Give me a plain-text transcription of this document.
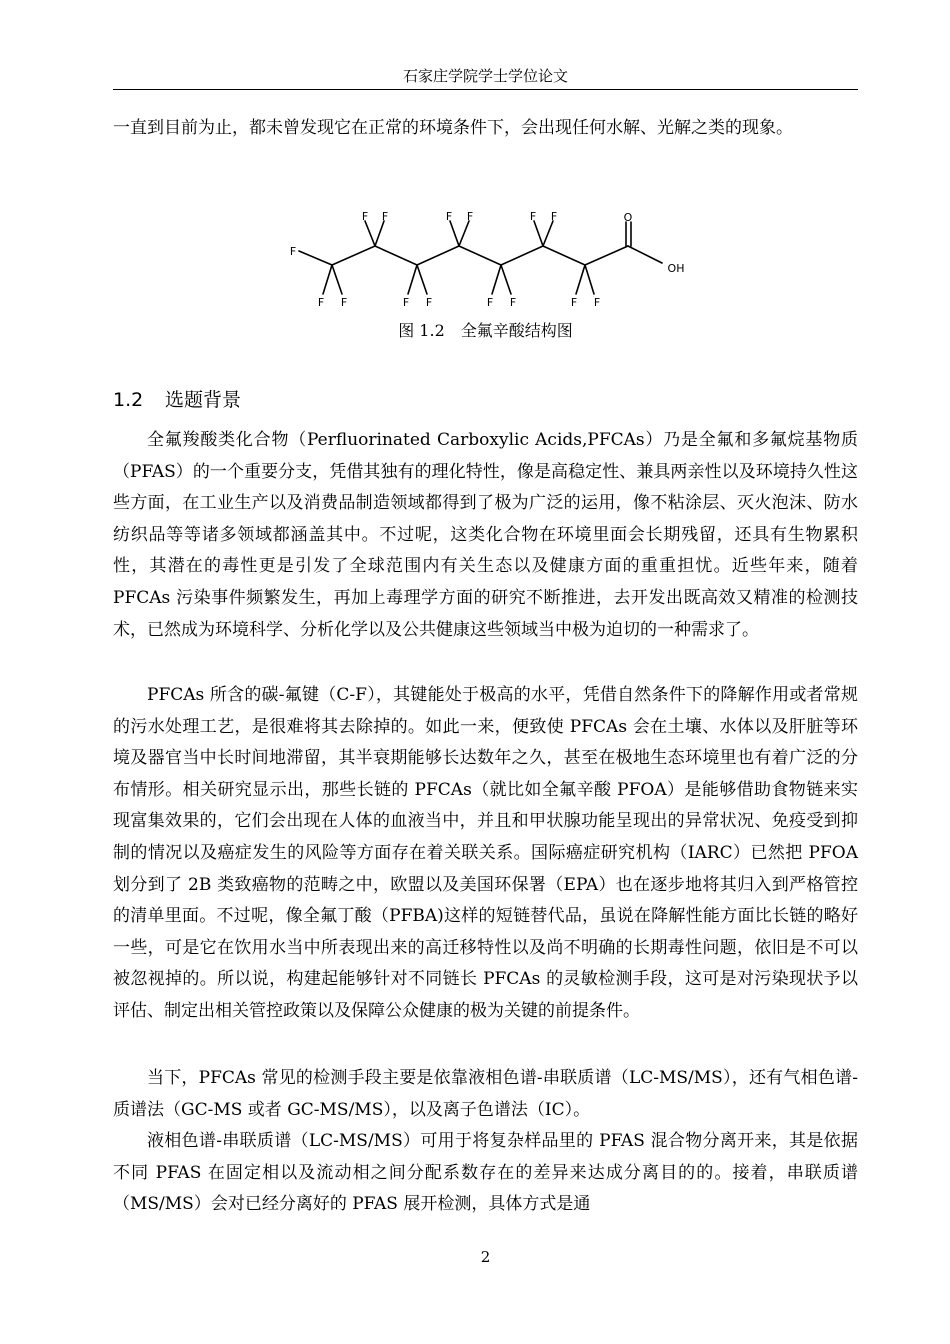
石家庄学院学士学位论文

一直到目前为止，都未曾发现它在正常的环境条件下，会出现任何水解、光解之类的现象。

F
F F	F F	F F	O
OH
F F	F F	F F	F F
图 1.2　全氟辛酸结构图
1.2 选题背景

全氟羧酸类化合物（Perfluorinated Carboxylic Acids,PFCAs）乃是全氟和多氟烷基物质（PFAS）的一个重要分支，凭借其独有的理化特性，像是高稳定性、兼具两亲性以及环境持久性这些方面，在工业生产以及消费品制造领域都得到了极为广泛的运用，像不粘涂层、灭火泡沫、防水纺织品等等诸多领域都涵盖其中。不过呢，这类化合物在环境里面会长期残留，还具有生物累积性，其潜在的毒性更是引发了全球范围内有关生态以及健康方面的重重担忧。近些年来，随着 PFCAs 污染事件频繁发生，再加上毒理学方面的研究不断推进，去开发出既高效又精准的检测技术，已然成为环境科学、分析化学以及公共健康这些领域当中极为迫切的一种需求了。

PFCAs 所含的碳-氟键（C-F），其键能处于极高的水平，凭借自然条件下的降解作用或者常规的污水处理工艺，是很难将其去除掉的。如此一来，便致使 PFCAs 会在土壤、水体以及肝脏等环境及器官当中长时间地滞留，其半衰期能够长达数年之久，甚至在极地生态环境里也有着广泛的分布情形。相关研究显示出，那些长链的 PFCAs（就比如全氟辛酸 PFOA）是能够借助食物链来实现富集效果的，它们会出现在人体的血液当中，并且和甲状腺功能呈现出的异常状况、免疫受到抑制的情况以及癌症发生的风险等方面存在着关联关系。国际癌症研究机构（IARC）已然把 PFOA 划分到了 2B 类致癌物的范畴之中，欧盟以及美国环保署（EPA）也在逐步地将其归入到严格管控的清单里面。不过呢，像全氟丁酸（PFBA)这样的短链替代品，虽说在降解性能方面比长链的略好一些，可是它在饮用水当中所表现出来的高迁移特性以及尚不明确的长期毒性问题，依旧是不可以被忽视掉的。所以说，构建起能够针对不同链长 PFCAs 的灵敏检测手段，这可是对污染现状予以评估、制定出相关管控政策以及保障公众健康的极为关键的前提条件。

当下，PFCAs 常见的检测手段主要是依靠液相色谱-串联质谱（LC-MS/MS），还有气相色谱-质谱法（GC-MS 或者 GC-MS/MS），以及离子色谱法（IC）。

液相色谱-串联质谱（LC-MS/MS）可用于将复杂样品里的 PFAS 混合物分离开来，其是依据不同 PFAS 在固定相以及流动相之间分配系数存在的差异来达成分离目的的。接着，串联质谱（MS/MS）会对已经分离好的 PFAS 展开检测，具体方式是通

2
